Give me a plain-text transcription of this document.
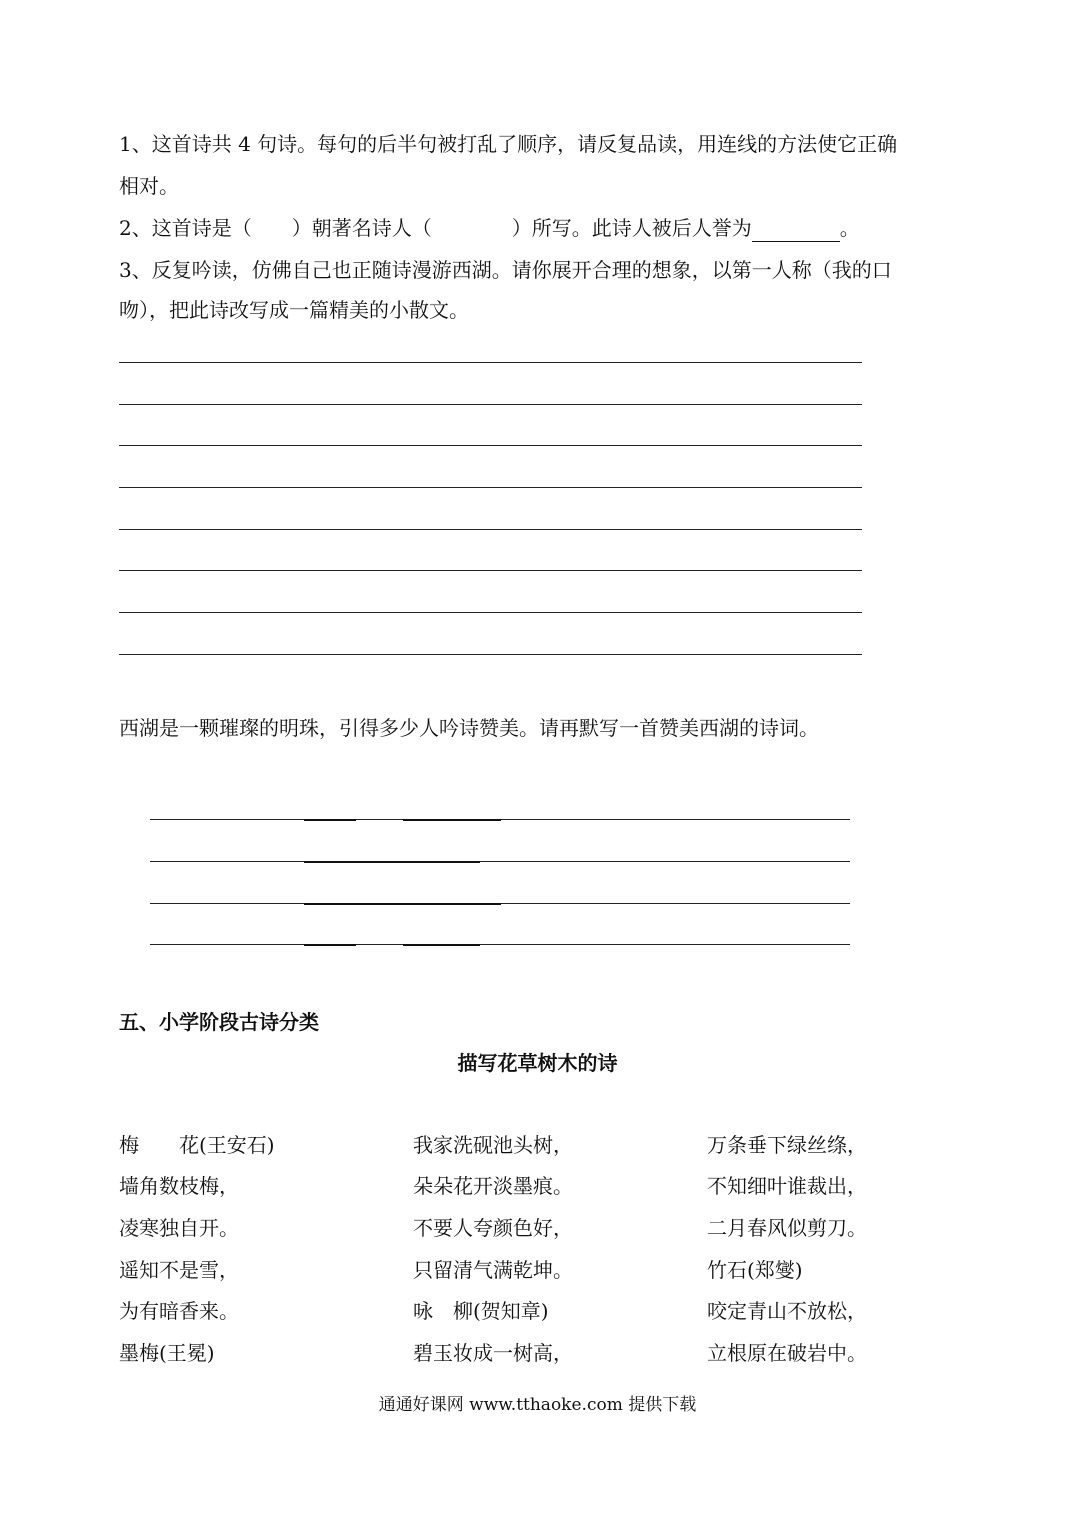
1、这首诗共 4 句诗。每句的后半句被打乱了顺序，请反复品读，用连线的方法使它正确
相对。
2、这首诗是（　　）朝著名诗人（　　　　）所写。此诗人被后人誉为	。
3、反复吟读，仿佛自己也正随诗漫游西湖。请你展开合理的想象，以第一人称（我的口
吻），把此诗改写成一篇精美的小散文。
西湖是一颗璀璨的明珠，引得多少人吟诗赞美。请再默写一首赞美西湖的诗词。
五、小学阶段古诗分类
描写花草树木的诗
梅　　花(王安石)
墙角数枝梅，
凌寒独自开。
遥知不是雪，
为有暗香来。
墨梅(王冕)
我家洗砚池头树，
朵朵花开淡墨痕。
不要人夸颜色好，
只留清气满乾坤。
咏　柳(贺知章)
碧玉妆成一树高，
万条垂下绿丝绦，
不知细叶谁裁出，
二月春风似剪刀。
竹石(郑燮)
咬定青山不放松，
立根原在破岩中。
通通好课网 www.tthaoke.com 提供下载
